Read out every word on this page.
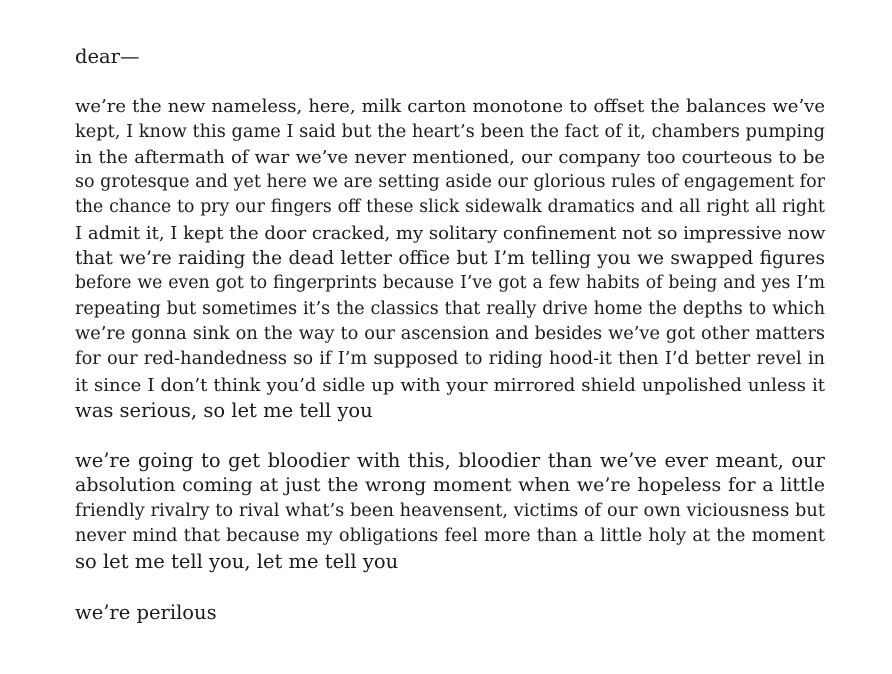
dear—

we’re the new nameless, here, milk carton monotone to offset the balances we’ve
kept, I know this game I said but the heart’s been the fact of it, chambers pumping
in the aftermath of war we’ve never mentioned, our company too courteous to be
so grotesque and yet here we are setting aside our glorious rules of engagement for
the chance to pry our fingers off these slick sidewalk dramatics and all right all right
I admit it, I kept the door cracked, my solitary confinement not so impressive now
that we’re raiding the dead letter office but I’m telling you we swapped figures
before we even got to fingerprints because I’ve got a few habits of being and yes I’m
repeating but sometimes it’s the classics that really drive home the depths to which
we’re gonna sink on the way to our ascension and besides we’ve got other matters
for our red-handedness so if I’m supposed to riding hood-it then I’d better revel in
it since I don’t think you’d sidle up with your mirrored shield unpolished unless it
was serious, so let me tell you

we’re going to get bloodier with this, bloodier than we’ve ever meant, our
absolution coming at just the wrong moment when we’re hopeless for a little
friendly rivalry to rival what’s been heavensent, victims of our own viciousness but
never mind that because my obligations feel more than a little holy at the moment
so let me tell you, let me tell you

we’re perilous
